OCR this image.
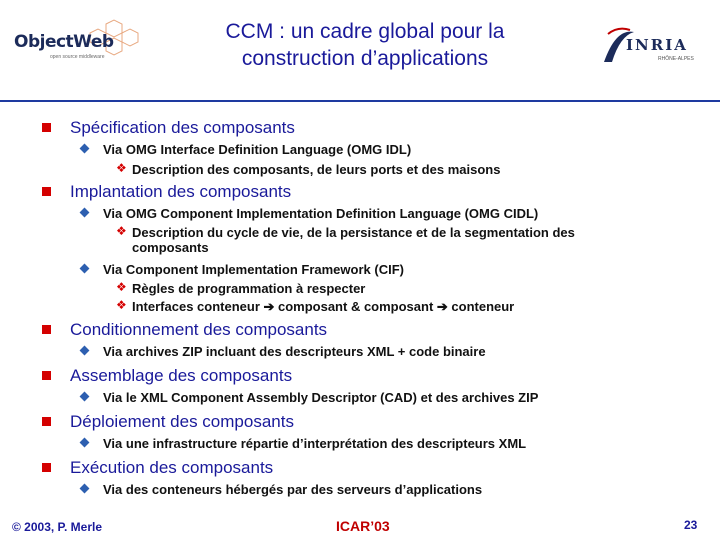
ObjectWeb
open source middleware
CCM : un cadre global pour la
construction d’applications
INRIA
RHÔNE-ALPES
Spécification des composants
Via OMG Interface Definition Language (OMG IDL)
❖ Description des composants, de leurs ports et des maisons
Implantation des composants
Via OMG Component Implementation Definition Language (OMG CIDL)
❖ Description du cycle de vie, de la persistance et de la segmentation des
composants
Via Component Implementation Framework (CIF)
❖ Règles de programmation à respecter
❖ Interfaces conteneur ➔ composant & composant ➔ conteneur
Conditionnement des composants
Via archives ZIP incluant des descripteurs XML + code binaire
Assemblage des composants
Via le XML Component Assembly Descriptor (CAD) et des archives ZIP
Déploiement des composants
Via une infrastructure répartie d’interprétation des descripteurs XML
Exécution des composants
Via des conteneurs hébergés par des serveurs d’applications
© 2003, P. Merle	ICAR’03	23
